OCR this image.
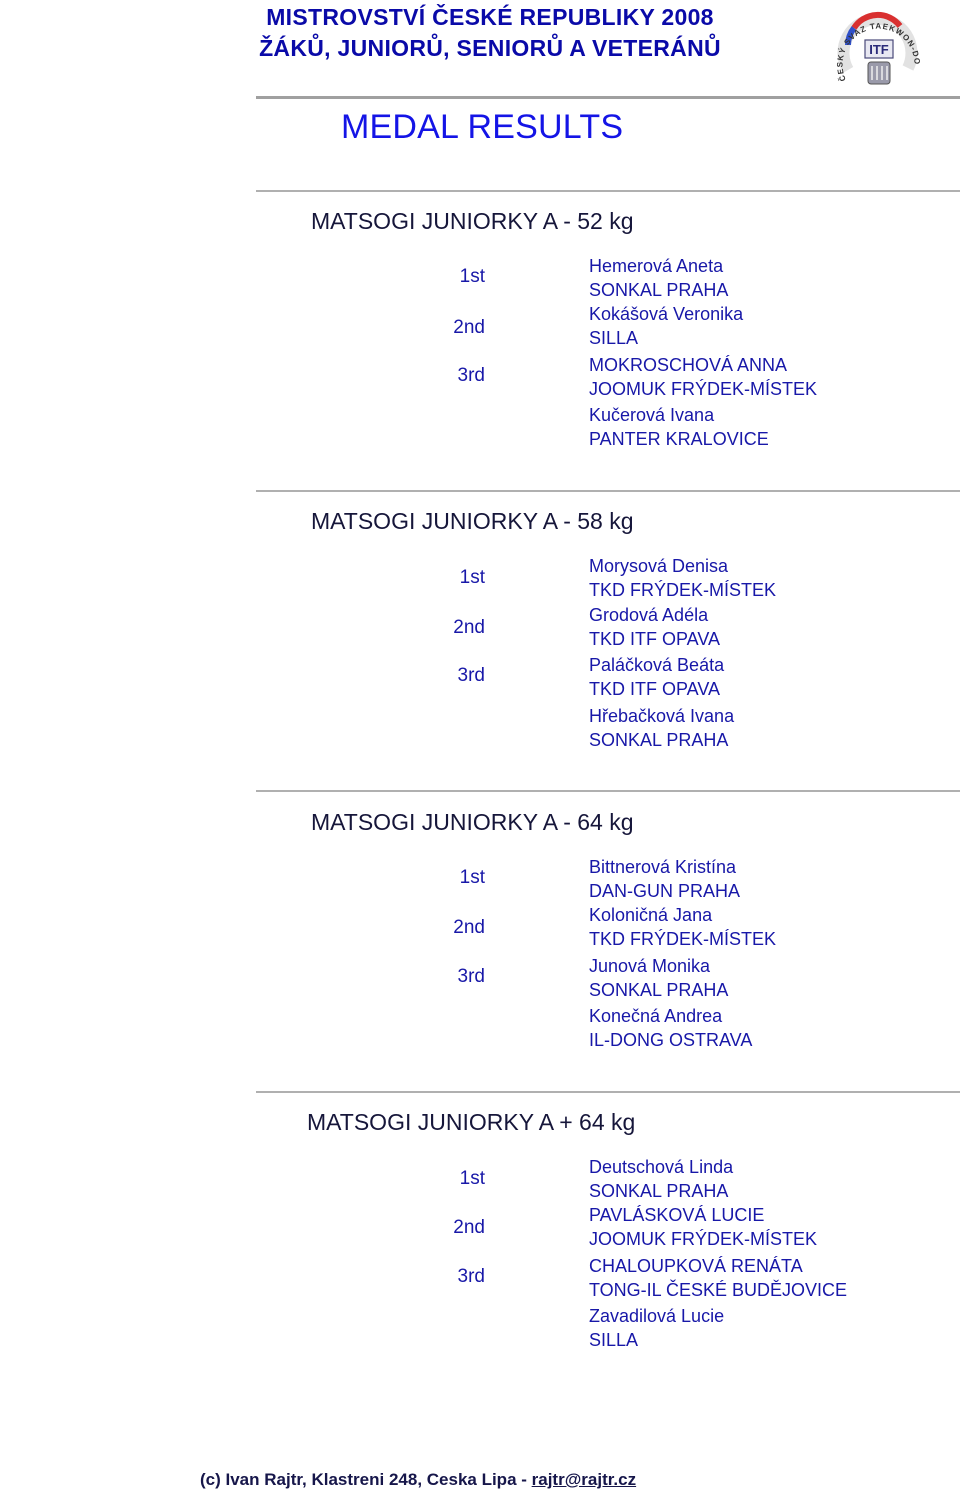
MISTROVSTVÍ ČESKÉ REPUBLIKY 2008
ŽÁKŮ, JUNIORŮ, SENIORŮ A VETERÁNŮ	ITF
ČESKÝ SVAZ TAEKWON-DO
MEDAL RESULTS
MATSOGI JUNIORKY A - 52 kg
1st
2nd
3rd
Hemerová Aneta
SONKAL PRAHA
Kokášová Veronika
SILLA
MOKROSCHOVÁ ANNA
JOOMUK FRÝDEK-MÍSTEK
Kučerová Ivana
PANTER KRALOVICE
MATSOGI JUNIORKY A - 58 kg
1st
2nd
3rd
Morysová Denisa
TKD FRÝDEK-MÍSTEK
Grodová Adéla
TKD ITF OPAVA
Paláčková Beáta
TKD ITF OPAVA
Hřebačková Ivana
SONKAL PRAHA
MATSOGI JUNIORKY A - 64 kg
1st
2nd
3rd
Bittnerová Kristína
DAN-GUN PRAHA
Koloničná Jana
TKD FRÝDEK-MÍSTEK
Junová Monika
SONKAL PRAHA
Konečná Andrea
IL-DONG OSTRAVA
MATSOGI JUNIORKY A + 64 kg
1st
2nd
3rd
Deutschová Linda
SONKAL PRAHA
PAVLÁSKOVÁ LUCIE
JOOMUK FRÝDEK-MÍSTEK
CHALOUPKOVÁ RENÁTA
TONG-IL ČESKÉ BUDĚJOVICE
Zavadilová Lucie
SILLA
(c) Ivan Rajtr, Klastreni 248, Ceska Lipa - rajtr@rajtr.cz
